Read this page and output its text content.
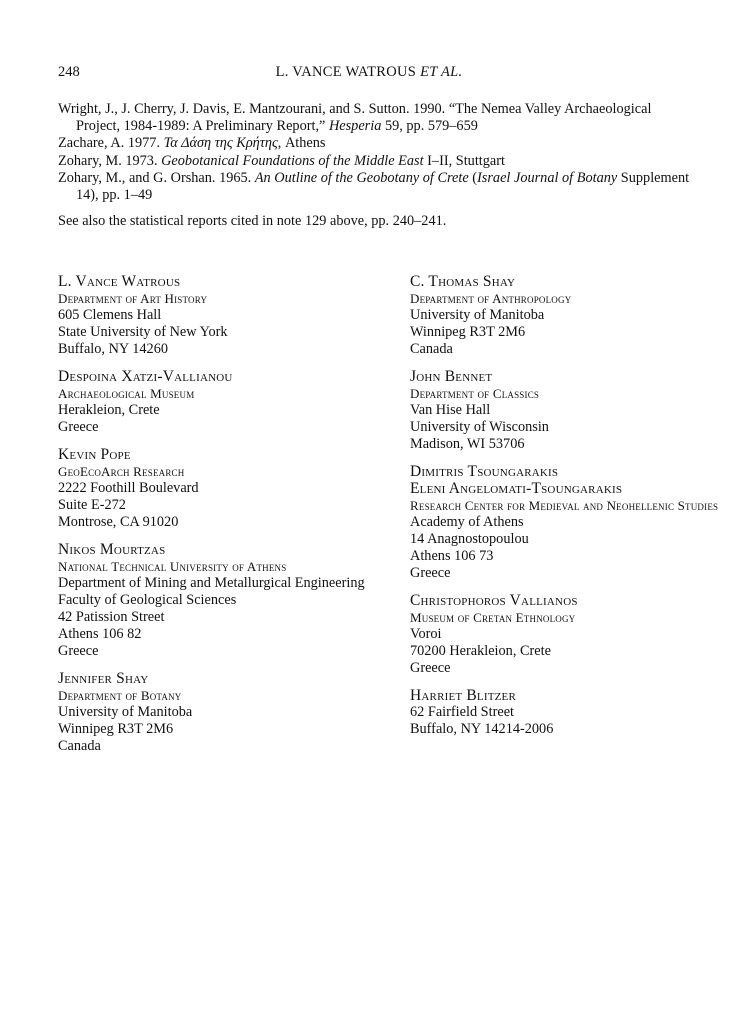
248	L. VANCE WATROUS ET AL.

Wright, J., J. Cherry, J. Davis, E. Mantzourani, and S. Sutton. 1990. “The Nemea Valley Archaeological Project, 1984-1989: A Preliminary Report,” Hesperia 59, pp. 579–659

Zachare, A. 1977. Τα Δάση της Κρήτης, Athens

Zohary, M. 1973. Geobotanical Foundations of the Middle East I–II, Stuttgart

Zohary, M., and G. Orshan. 1965. An Outline of the Geobotany of Crete (Israel Journal of Botany Supplement 14), pp. 1–49

See also the statistical reports cited in note 129 above, pp. 240–241.
L. Vance Watrous
Department of Art History
605 Clemens Hall
State University of New York
Buffalo, NY 14260
Despoina Xatzi-Vallianou
Archaeological Museum
Herakleion, Crete
Greece
Kevin Pope
GeoEcoArch Research
2222 Foothill Boulevard
Suite E-272
Montrose, CA 91020
Nikos Mourtzas
National Technical University of Athens
Department of Mining and Metallurgical Engineering
Faculty of Geological Sciences
42 Patission Street
Athens 106 82
Greece
Jennifer Shay
Department of Botany
University of Manitoba
Winnipeg R3T 2M6
Canada
C. Thomas Shay
Department of Anthropology
University of Manitoba
Winnipeg R3T 2M6
Canada
John Bennet
Department of Classics
Van Hise Hall
University of Wisconsin
Madison, WI 53706
Dimitris Tsoungarakis
Eleni Angelomati-Tsoungarakis
Research Center for Medieval and Neohellenic Studies
Academy of Athens
14 Anagnostopoulou
Athens 106 73
Greece
Christophoros Vallianos
Museum of Cretan Ethnology
Voroi
70200 Herakleion, Crete
Greece
Harriet Blitzer
62 Fairfield Street
Buffalo, NY 14214-2006
